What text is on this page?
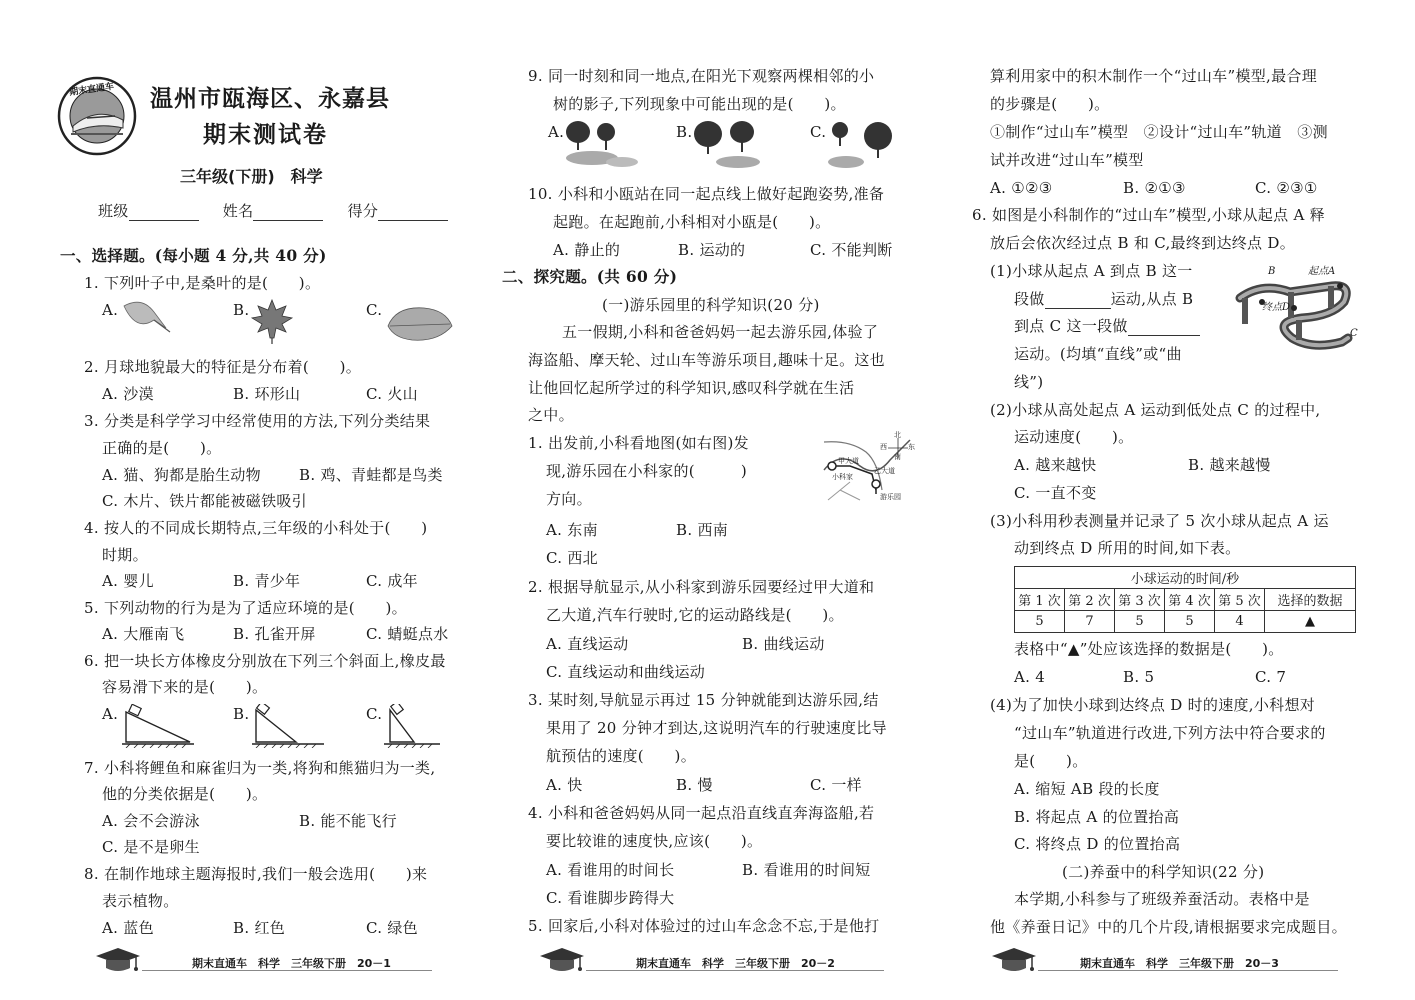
期末直通车 温州市瓯海区、永嘉县
期末测试卷
三年级(下册)　科学
班级	姓名	得分
一、选择题。(每小题 4 分,共 40 分)
1. 下列叶子中,是桑叶的是(　　)。
A.	B.	C.
2. 月球地貌最大的特征是分布着(　　)。
A. 沙漠	B. 环形山	C. 火山
3. 分类是科学学习中经常使用的方法,下列分类结果
正确的是(　　)。
A. 猫、狗都是胎生动物	B. 鸡、青蛙都是鸟类
C. 木片、铁片都能被磁铁吸引
4. 按人的不同成长期特点,三年级的小科处于(　　)
时期。
A. 婴儿	B. 青少年	C. 成年
5. 下列动物的行为是为了适应环境的是(　　)。
A. 大雁南飞	B. 孔雀开屏	C. 蜻蜓点水
6. 把一块长方体橡皮分别放在下列三个斜面上,橡皮最
容易滑下来的是(　　)。
A.	B.	C.
7. 小科将鲤鱼和麻雀归为一类,将狗和熊猫归为一类,
他的分类依据是(　　)。
A. 会不会游泳	B. 能不能飞行
C. 是不是卵生
8. 在制作地球主题海报时,我们一般会选用(　　)来
表示植物。
A. 蓝色	B. 红色	C. 绿色
期末直通车　科学　三年级下册　20－1
9. 同一时刻和同一地点,在阳光下观察两棵相邻的小
树的影子,下列现象中可能出现的是(　　)。
A.	B.	C.
10. 小科和小瓯站在同一起点线上做好起跑姿势,准备
起跑。在起跑前,小科相对小瓯是(　　)。
A. 静止的	B. 运动的	C. 不能判断
二、探究题。(共 60 分)
(一)游乐园里的科学知识(20 分)
五一假期,小科和爸爸妈妈一起去游乐园,体验了
海盗船、摩天轮、过山车等游乐项目,趣味十足。这也
让他回忆起所学过的科学知识,感叹科学就在生活
之中。
1. 出发前,小科看地图(如右图)发
现,游乐园在小科家的(　　　)
方向。
北
西	东
南
甲大道
乙大道
小科家
游乐园
A. 东南	B. 西南
C. 西北
2. 根据导航显示,从小科家到游乐园要经过甲大道和
乙大道,汽车行驶时,它的运动路线是(　　)。
A. 直线运动	B. 曲线运动
C. 直线运动和曲线运动
3. 某时刻,导航显示再过 15 分钟就能到达游乐园,结
果用了 20 分钟才到达,这说明汽车的行驶速度比导
航预估的速度(　　)。
A. 快	B. 慢	C. 一样
4. 小科和爸爸妈妈从同一起点沿直线直奔海盗船,若
要比较谁的速度快,应该(　　)。
A. 看谁用的时间长	B. 看谁用的时间短
C. 看谁脚步跨得大
5. 回家后,小科对体验过的过山车念念不忘,于是他打
期末直通车　科学　三年级下册　20－2
算利用家中的积木制作一个“过山车”模型,最合理
的步骤是(　　)。
①制作“过山车”模型　②设计“过山车”轨道　③测
试并改进“过山车”模型
A. ①②③	B. ②①③	C. ②③①
6. 如图是小科制作的“过山车”模型,小球从起点 A 释
放后会依次经过点 B 和 C,最终到达终点 D。
(1)小球从起点 A 到点 B 这一
段做	运动,从点 B
到点 C 这一段做
运动。(均填“直线”或“曲
线”)
起点A
B
终点D
C
(2)小球从高处起点 A 运动到低处点 C 的过程中,
运动速度(　　)。
A. 越来越快	B. 越来越慢
C. 一直不变
(3)小科用秒表测量并记录了 5 次小球从起点 A 运
动到终点 D 所用的时间,如下表。
小球运动的时间/秒					
第 1 次	第 2 次	第 3 次	第 4 次	第 5 次	选择的数据
5	7	5	5	4	▲
表格中“▲”处应该选择的数据是(　　)。
A. 4	B. 5	C. 7
(4)为了加快小球到达终点 D 时的速度,小科想对
“过山车”轨道进行改进,下列方法中符合要求的
是(　　)。
A. 缩短 AB 段的长度
B. 将起点 A 的位置抬高
C. 将终点 D 的位置抬高
(二)养蚕中的科学知识(22 分)
本学期,小科参与了班级养蚕活动。表格中是
他《养蚕日记》中的几个片段,请根据要求完成题目。
期末直通车　科学　三年级下册　20－3
